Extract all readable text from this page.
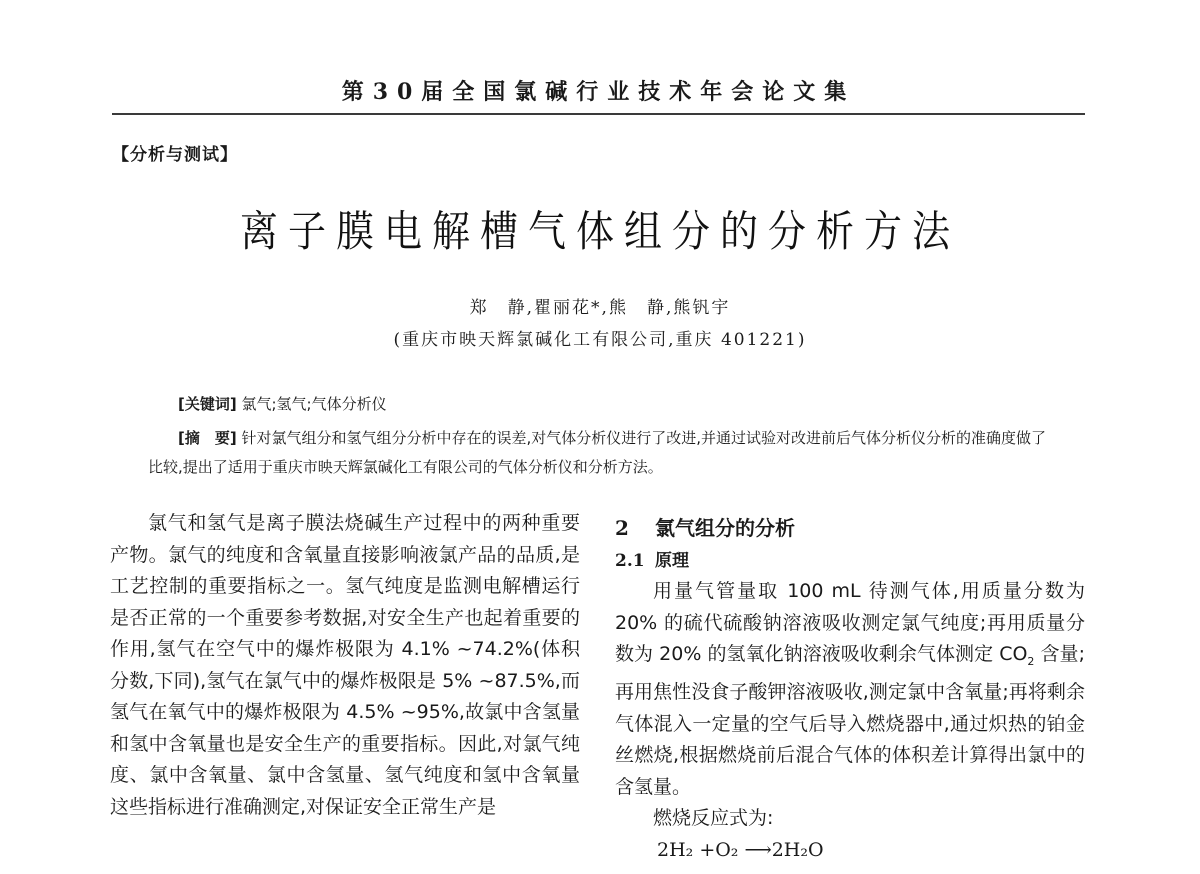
第30届全国氯碱行业技术年会论文集
【分析与测试】
离子膜电解槽气体组分的分析方法
郑　静,瞿丽花*,熊　静,熊钒宇
(重庆市映天辉氯碱化工有限公司,重庆 401221)
[关键词] 氯气;氢气;气体分析仪
[摘　要] 针对氯气组分和氢气组分分析中存在的误差,对气体分析仪进行了改进,并通过试验对改进前后气体分析仪分析的准确度做了比较,提出了适用于重庆市映天辉氯碱化工有限公司的气体分析仪和分析方法。

氯气和氢气是离子膜法烧碱生产过程中的两种重要产物。氯气的纯度和含氧量直接影响液氯产品的品质,是工艺控制的重要指标之一。氢气纯度是监测电解槽运行是否正常的一个重要参考数据,对安全生产也起着重要的作用,氢气在空气中的爆炸极限为 4.1% ~74.2%(体积分数,下同),氢气在氯气中的爆炸极限是 5% ~87.5%,而氢气在氧气中的爆炸极限为 4.5% ~95%,故氯中含氢量和氢中含氧量也是安全生产的重要指标。因此,对氯气纯度、氯中含氧量、氯中含氢量、氢气纯度和氢中含氧量这些指标进行准确测定,对保证安全正常生产是

2 氯气组分的分析
2.1 原理

用量气管量取 100 mL 待测气体,用质量分数为 20% 的硫代硫酸钠溶液吸收测定氯气纯度;再用质量分数为 20% 的氢氧化钠溶液吸收剩余气体测定 $CO_2$ 含量;再用焦性没食子酸钾溶液吸收,测定氯中含氧量;再将剩余气体混入一定量的空气后导入燃烧器中,通过炽热的铂金丝燃烧,根据燃烧前后混合气体的体积差计算得出氯中的含氢量。

燃烧反应式为:

2H₂ +O₂ ⟶2H₂O
